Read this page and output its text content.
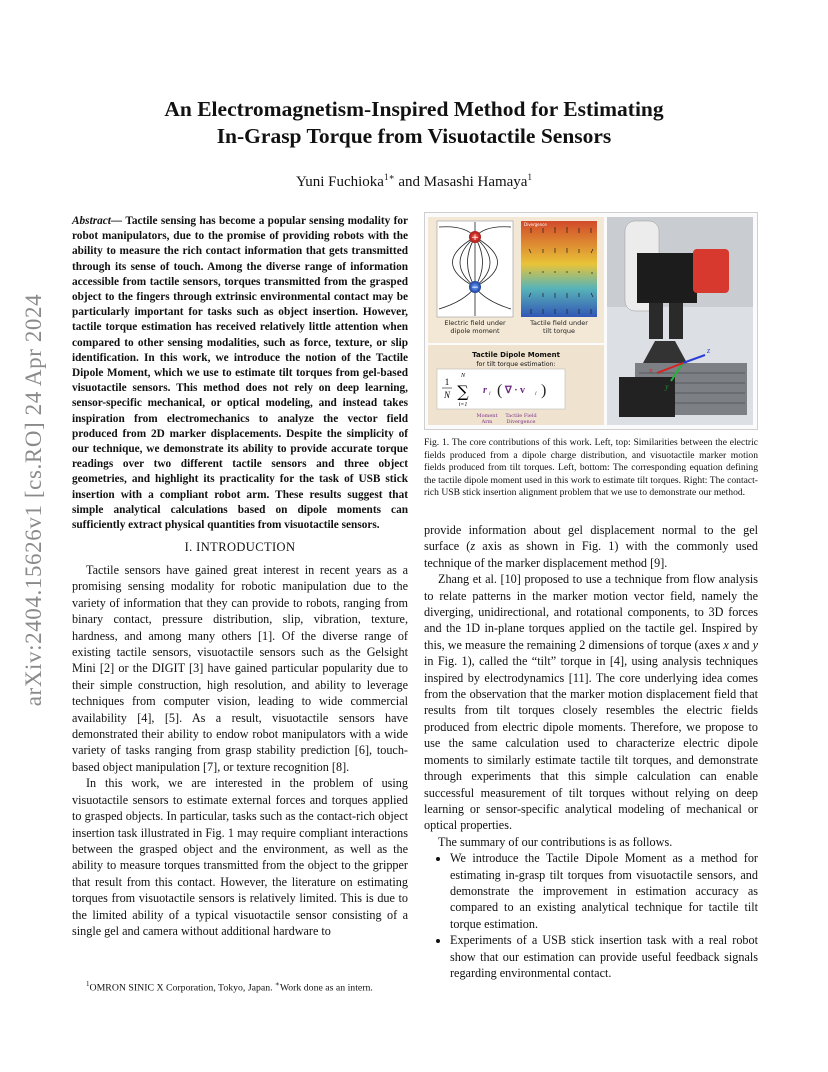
arXiv:2404.15626v1 [cs.RO] 24 Apr 2024
An Electromagnetism-Inspired Method for Estimating
In-Grasp Torque from Visuotactile Sensors
Yuni Fuchioka$^{1∗}$ and Masashi Hamaya$^1$
Abstract— Tactile sensing has become a popular sensing modality for robot manipulators, due to the promise of providing robots with the ability to measure the rich contact information that gets transmitted through its sense of touch. Among the diverse range of information accessible from tactile sensors, torques transmitted from the grasped object to the fingers through extrinsic environmental contact may be particularly important for tasks such as object insertion. However, tactile torque estimation has received relatively little attention when compared to other sensing modalities, such as force, texture, or slip identification. In this work, we introduce the notion of the Tactile Dipole Moment, which we use to estimate tilt torques from gel-based visuotactile sensors. This method does not rely on deep learning, sensor-specific mechanical, or optical modeling, and instead takes inspiration from electromechanics to analyze the vector field produced from 2D marker displacements. Despite the simplicity of our technique, we demonstrate its ability to provide accurate torque readings over two different tactile sensors and three object geometries, and highlight its practicality for the task of USB stick insertion with a compliant robot arm. These results suggest that simple analytical calculations based on dipole moments can sufficiently extract physical quantities from visuotactile sensors.
I. INTRODUCTION

Tactile sensors have gained great interest in recent years as a promising sensing modality for robotic manipulation due to the variety of information that they can provide to robots, ranging from binary contact, pressure distribution, slip, vibration, texture, hardness, and among many others [1]. Of the diverse range of existing tactile sensors, visuotactile sensors such as the Gelsight Mini [2] or the DIGIT [3] have gained particular popularity due to their simple construction, high resolution, and ability to leverage techniques from computer vision, leading to wide commercial availability [4], [5]. As a result, visuotactile sensors have demonstrated their ability to endow robot manipulators with a wide variety of tasks ranging from grasp stability prediction [6], touch-based object manipulation [7], or texture recognition [8].

In this work, we are interested in the problem of using visuotactile sensors to estimate external forces and torques applied to grasped objects. In particular, tasks such as the contact-rich object insertion task illustrated in Fig. 1 may require compliant interactions between the grasped object and the environment, as well as the ability to measure torques transmitted from the object to the gripper that result from this contact. However, the literature on estimating torques from visuotactile sensors is relatively limited. This is due to the limited ability of a typical visuotactile sensor consisting of a single gel and camera without additional hardware to

$^1$OMRON SINIC X Corporation, Tokyo, Japan. ∗Work done as an intern.
+
−
Electric field under
dipole moment
Divergence
Tactile field under
tilt torque
Tactile Dipole Moment
for tilt torque estimation:
1
N ∑
N
i=1
r i ( ∇ · v i )
Moment
Arm
Tactile Field
Divergence
z
y
x
Fig. 1. The core contributions of this work. Left, top: Similarities between the electric fields produced from a dipole charge distribution, and visuotactile marker motion fields produced from tilt torques. Left, bottom: The corresponding equation defining the tactile dipole moment used in this work to estimate tilt torques. Right: The contact-rich USB stick insertion alignment problem that we use to demonstrate our method.

provide information about gel displacement normal to the gel surface (z axis as shown in Fig. 1) with the commonly used technique of the marker displacement method [9].

Zhang et al. [10] proposed to use a technique from flow analysis to relate patterns in the marker motion vector field, namely the diverging, unidirectional, and rotational components, to 3D forces and the 1D in-plane torques applied on the tactile gel. Inspired by this, we measure the remaining 2 dimensions of torque (axes x and y in Fig. 1), called the “tilt” torque in [4], using analysis techniques inspired by electrodynamics [11]. The core underlying idea comes from the observation that the marker motion displacement field that results from tilt torques closely resembles the electric fields produced from electric dipole moments. Therefore, we propose to use the same calculation used to characterize electric dipole moments to similarly estimate tactile tilt torques, and demonstrate through experiments that this simple calculation can enable successful measurement of tilt torques without relying on deep learning or sensor-specific analytical modeling of mechanical or optical properties.

The summary of our contributions is as follows.

• We introduce the Tactile Dipole Moment as a method for estimating in-grasp tilt torques from visuotactile sensors, and demonstrate the improvement in estimation accuracy as compared to an existing analytical technique for tactile tilt torque estimation.
• Experiments of a USB stick insertion task with a real robot show that our estimation can provide useful feedback signals regarding environmental contact.
